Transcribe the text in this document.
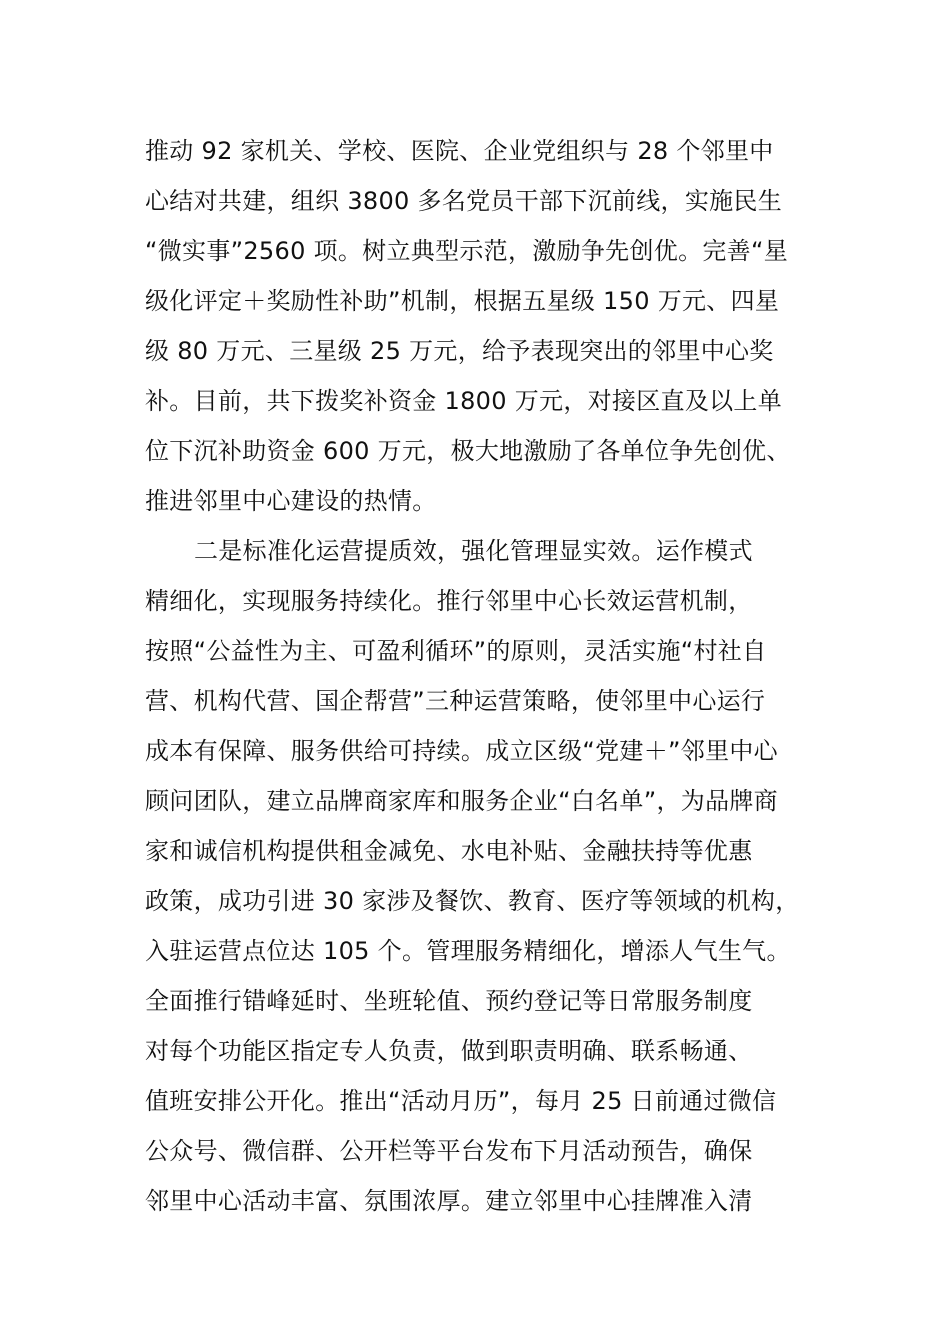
推动 92 家机关、学校、医院、企业党组织与 28 个邻里中
心结对共建，组织 3800 多名党员干部下沉前线，实施民生
“微实事”2560 项。树立典型示范，激励争先创优。完善“星
级化评定＋奖励性补助”机制，根据五星级 150 万元、四星
级 80 万元、三星级 25 万元，给予表现突出的邻里中心奖
补。目前，共下拨奖补资金 1800 万元，对接区直及以上单
位下沉补助资金 600 万元，极大地激励了各单位争先创优、
推进邻里中心建设的热情。
二是标准化运营提质效，强化管理显实效。运作模式
精细化，实现服务持续化。推行邻里中心长效运营机制，
按照“公益性为主、可盈利循环”的原则，灵活实施“村社自
营、机构代营、国企帮营”三种运营策略，使邻里中心运行
成本有保障、服务供给可持续。成立区级“党建＋”邻里中心
顾问团队，建立品牌商家库和服务企业“白名单”，为品牌商
家和诚信机构提供租金减免、水电补贴、金融扶持等优惠
政策，成功引进 30 家涉及餐饮、教育、医疗等领域的机构，
入驻运营点位达 105 个。管理服务精细化，增添人气生气。
全面推行错峰延时、坐班轮值、预约登记等日常服务制度
对每个功能区指定专人负责，做到职责明确、联系畅通、
值班安排公开化。推出“活动月历”，每月 25 日前通过微信
公众号、微信群、公开栏等平台发布下月活动预告，确保
邻里中心活动丰富、氛围浓厚。建立邻里中心挂牌准入清
